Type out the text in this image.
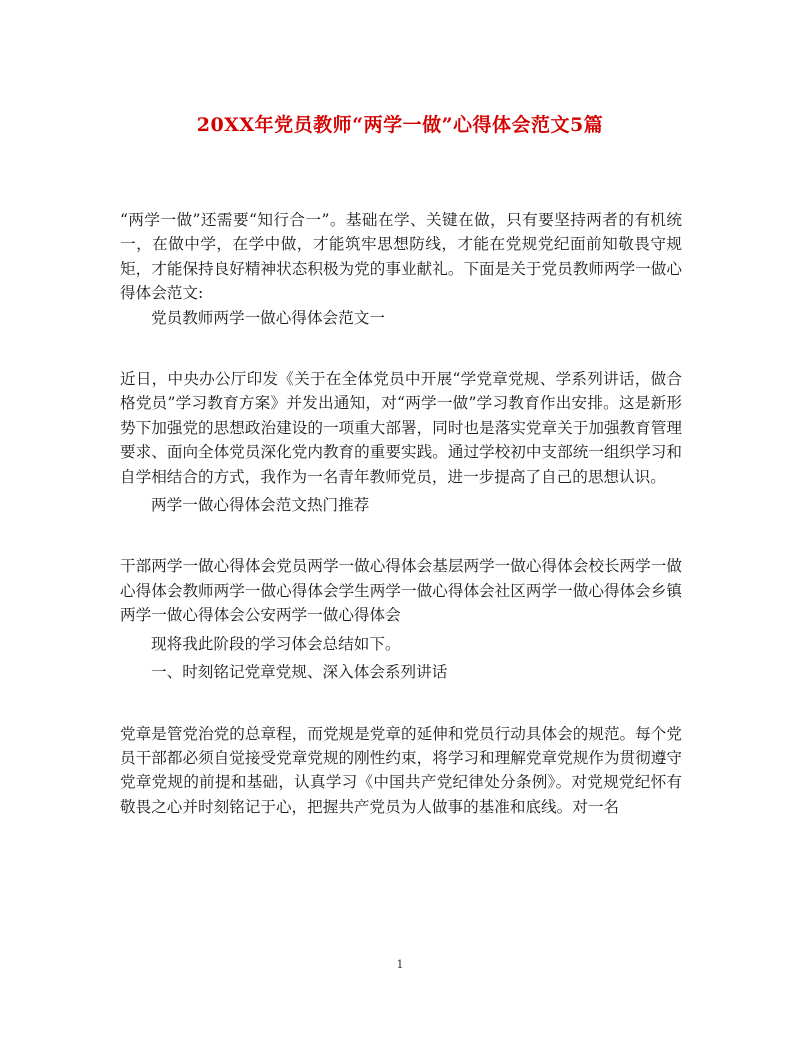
20XX年党员教师“两学一做”心得体会范文5篇

“两学一做”还需要“知行合一”。基础在学、关键在做，只有要坚持两者的有机统一，在做中学，在学中做，才能筑牢思想防线，才能在党规党纪面前知敬畏守规矩，才能保持良好精神状态积极为党的事业献礼。下面是关于党员教师两学一做心得体会范文:

党员教师两学一做心得体会范文一

近日，中央办公厅印发《关于在全体党员中开展“学党章党规、学系列讲话，做合格党员”学习教育方案》并发出通知，对“两学一做”学习教育作出安排。这是新形势下加强党的思想政治建设的一项重大部署，同时也是落实党章关于加强教育管理要求、面向全体党员深化党内教育的重要实践。通过学校初中支部统一组织学习和自学相结合的方式，我作为一名青年教师党员，进一步提高了自己的思想认识。

两学一做心得体会范文热门推荐

干部两学一做心得体会党员两学一做心得体会基层两学一做心得体会校长两学一做心得体会教师两学一做心得体会学生两学一做心得体会社区两学一做心得体会乡镇两学一做心得体会公安两学一做心得体会

现将我此阶段的学习体会总结如下。

一、时刻铭记党章党规、深入体会系列讲话

党章是管党治党的总章程，而党规是党章的延伸和党员行动具体会的规范。每个党员干部都必须自觉接受党章党规的刚性约束，将学习和理解党章党规作为贯彻遵守党章党规的前提和基础，认真学习《中国共产党纪律处分条例》。对党规党纪怀有敬畏之心并时刻铭记于心，把握共产党员为人做事的基准和底线。对一名

1
